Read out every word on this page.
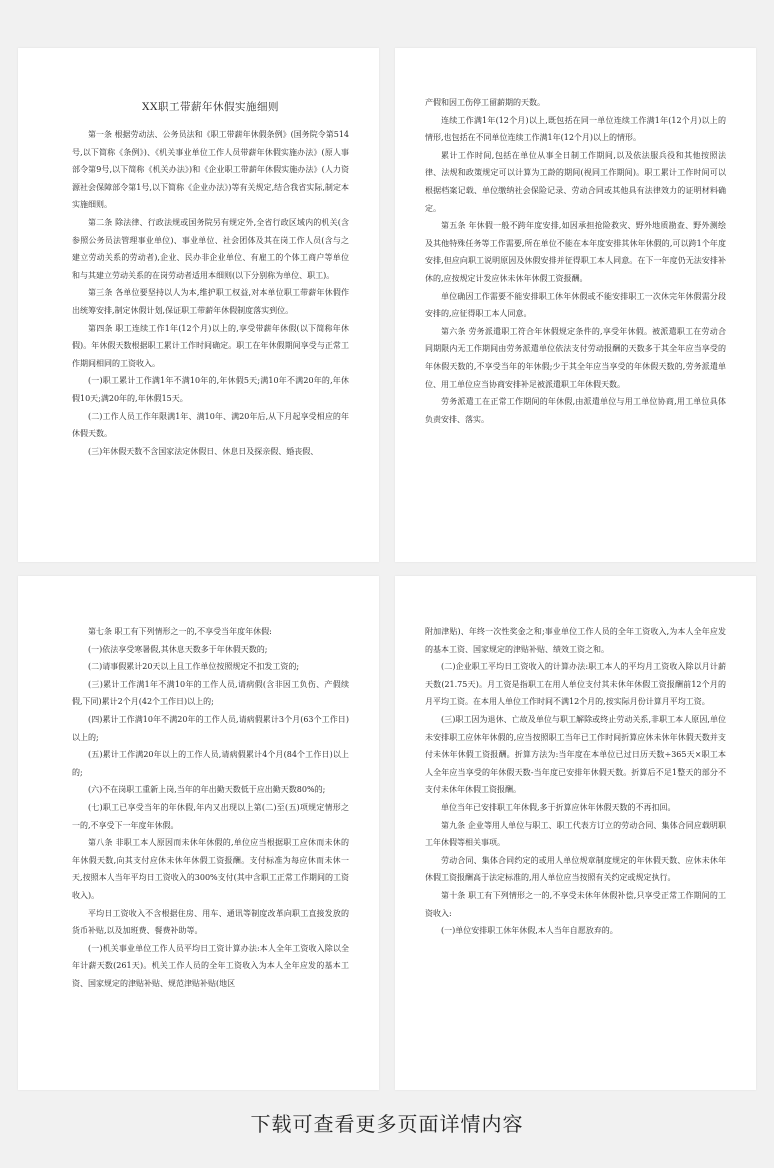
XX职工带薪年休假实施细则

第一条 根据劳动法、公务员法和《职工带薪年休假条例》(国务院令第514号,以下简称《条例》)、《机关事业单位工作人员带薪年休假实施办法》(原人事部令第9号,以下简称《机关办法》)和《企业职工带薪年休假实施办法》(人力资源社会保障部令第1号,以下简称《企业办法》)等有关规定,结合我省实际,制定本实施细则。

第二条 除法律、行政法规或国务院另有规定外,全省行政区域内的机关(含参照公务员法管理事业单位)、事业单位、社会团体及其在岗工作人员(含与之建立劳动关系的劳动者),企业、民办非企业单位、有雇工的个体工商户等单位和与其建立劳动关系的在岗劳动者适用本细则(以下分别称为单位、职工)。

第三条 各单位要坚持以人为本,维护职工权益,对本单位职工带薪年休假作出统筹安排,制定休假计划,保证职工带薪年休假制度落实到位。

第四条 职工连续工作1年(12个月)以上的,享受带薪年休假(以下简称年休假)。年休假天数根据职工累计工作时间确定。职工在年休假期间享受与正常工作期间相同的工资收入。

(一)职工累计工作满1年不满10年的,年休假5天;满10年不满20年的,年休假10天;满20年的,年休假15天。

(二)工作人员工作年限满1年、满10年、满20年后,从下月起享受相应的年休假天数。

(三)年休假天数不含国家法定休假日、休息日及探亲假、婚丧假、

产假和因工伤停工留薪期的天数。

连续工作满1年(12个月)以上,既包括在同一单位连续工作满1年(12个月)以上的情形,也包括在不同单位连续工作满1年(12个月)以上的情形。

累计工作时间,包括在单位从事全日制工作期间,以及依法服兵役和其他按照法律、法规和政策规定可以计算为工龄的期间(视同工作期间)。职工累计工作时间可以根据档案记载、单位缴纳社会保险记录、劳动合同或其他具有法律效力的证明材料确定。

第五条 年休假一般不跨年度安排,如因承担抢险救灾、野外地质勘查、野外测绘及其他特殊任务等工作需要,所在单位不能在本年度安排其休年休假的,可以跨1个年度安排,但应向职工说明原因及休假安排并征得职工本人同意。在下一年度仍无法安排补休的,应按规定计发应休未休年休假工资报酬。

单位确因工作需要不能安排职工休年休假或不能安排职工一次休完年休假需分段安排的,应征得职工本人同意。

第六条 劳务派遣职工符合年休假规定条件的,享受年休假。被派遣职工在劳动合同期限内无工作期间由劳务派遣单位依法支付劳动报酬的天数多于其全年应当享受的年休假天数的,不享受当年的年休假;少于其全年应当享受的年休假天数的,劳务派遣单位、用工单位应当协商安排补足被派遣职工年休假天数。

劳务派遣工在正常工作期间的年休假,由派遣单位与用工单位协商,用工单位具体负责安排、落实。

第七条 职工有下列情形之一的,不享受当年度年休假:

(一)依法享受寒暑假,其休息天数多于年休假天数的;

(二)请事假累计20天以上且工作单位按照规定不扣发工资的;

(三)累计工作满1年不满10年的工作人员,请病假(含非因工负伤、产假续假,下同)累计2个月(42个工作日)以上的;

(四)累计工作满10年不满20年的工作人员,请病假累计3个月(63个工作日)以上的;

(五)累计工作满20年以上的工作人员,请病假累计4个月(84个工作日)以上的;

(六)不在岗职工重新上岗,当年的年出勤天数低于应出勤天数80%的;

(七)职工已享受当年的年休假,年内又出现以上第(二)至(五)项规定情形之一的,不享受下一年度年休假。

第八条 非职工本人原因而未休年休假的,单位应当根据职工应休而未休的年休假天数,向其支付应休未休年休假工资报酬。支付标准为每应休而未休一天,按照本人当年平均日工资收入的300%支付(其中含职工正常工作期间的工资收入)。

平均日工资收入不含根据住房、用车、通讯等制度改革向职工直接发放的货币补贴,以及加班费、餐费补助等。

(一)机关事业单位工作人员平均日工资计算办法:本人全年工资收入除以全年计薪天数(261天)。机关工作人员的全年工资收入为本人全年应发的基本工资、国家规定的津贴补贴、规范津贴补贴(地区

附加津贴)、年终一次性奖金之和;事业单位工作人员的全年工资收入,为本人全年应发的基本工资、国家规定的津贴补贴、绩效工资之和。

(二)企业职工平均日工资收入的计算办法:职工本人的平均月工资收入除以月计薪天数(21.75天)。月工资是指职工在用人单位支付其未休年休假工资报酬前12个月的月平均工资。在本用人单位工作时间不满12个月的,按实际月份计算月平均工资。

(三)职工因为退休、亡故及单位与职工解除或终止劳动关系,非职工本人原因,单位未安排职工应休年休假的,应当按照职工当年已工作时间折算应休未休年休假天数并支付未休年休假工资报酬。折算方法为:当年度在本单位已过日历天数÷365天×职工本人全年应当享受的年休假天数-当年度已安排年休假天数。折算后不足1整天的部分不支付未休年休假工资报酬。

单位当年已安排职工年休假,多于折算应休年休假天数的不再扣回。

第九条 企业等用人单位与职工、职工代表方订立的劳动合同、集体合同应载明职工年休假等相关事项。

劳动合同、集体合同约定的或用人单位规章制度规定的年休假天数、应休未休年休假工资报酬高于法定标准的,用人单位应当按照有关约定或规定执行。

第十条 职工有下列情形之一的,不享受未休年休假补偿,只享受正常工作期间的工资收入:

(一)单位安排职工休年休假,本人当年自愿放弃的。

下载可查看更多页面详情内容
